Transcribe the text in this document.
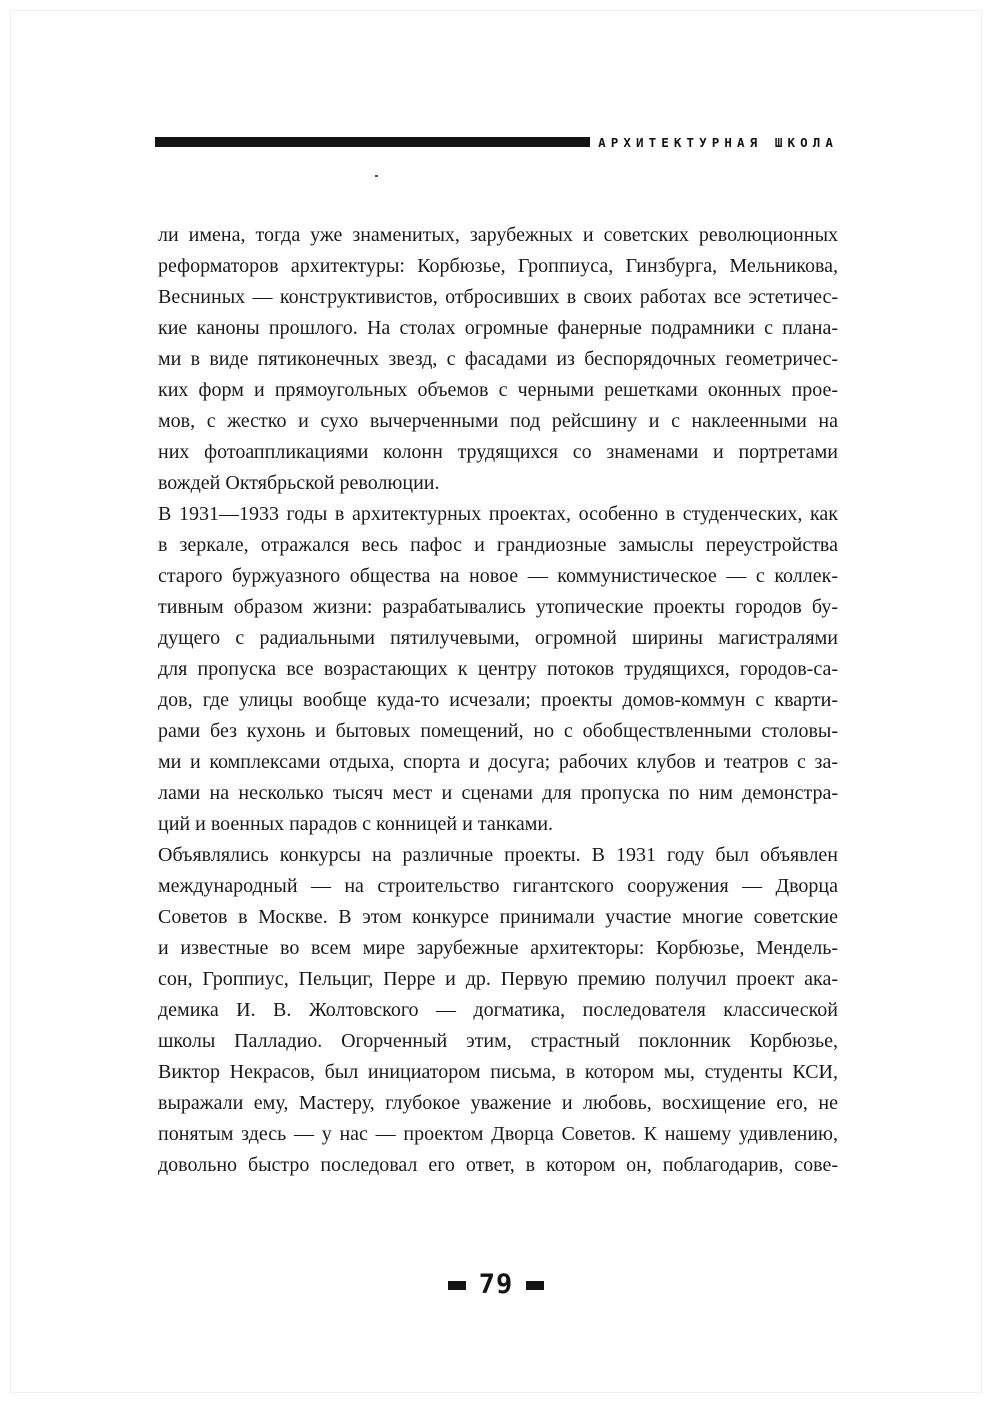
АРХИТЕКТУРНАЯ ШКОЛА
ли имена, тогда уже знаменитых, зарубежных и советских революционных
реформаторов архитектуры: Корбюзье, Гроппиуса, Гинзбурга, Мельникова,
Весниных — конструктивистов, отбросивших в своих работах все эстетичес-
кие каноны прошлого. На столах огромные фанерные подрамники с плана-
ми в виде пятиконечных звезд, с фасадами из беспорядочных геометричес-
ких форм и прямоугольных объемов с черными решетками оконных прое-
мов, с жестко и сухо вычерченными под рейсшину и с наклеенными на
них фотоаппликациями колонн трудящихся со знаменами и портретами
вождей Октябрьской революции.
В 1931—1933 годы в архитектурных проектах, особенно в студенческих, как
в зеркале, отражался весь пафос и грандиозные замыслы переустройства
старого буржуазного общества на новое — коммунистическое — с коллек-
тивным образом жизни: разрабатывались утопические проекты городов бу-
дущего с радиальными пятилучевыми, огромной ширины магистралями
для пропуска все возрастающих к центру потоков трудящихся, городов-са-
дов, где улицы вообще куда-то исчезали; проекты домов-коммун с кварти-
рами без кухонь и бытовых помещений, но с обобществленными столовы-
ми и комплексами отдыха, спорта и досуга; рабочих клубов и театров с за-
лами на несколько тысяч мест и сценами для пропуска по ним демонстра-
ций и военных парадов с конницей и танками.
Объявлялись конкурсы на различные проекты. В 1931 году был объявлен
международный — на строительство гигантского сооружения — Дворца
Советов в Москве. В этом конкурсе принимали участие многие советские
и известные во всем мире зарубежные архитекторы: Корбюзье, Мендель-
сон, Гроппиус, Пельциг, Перре и др. Первую премию получил проект ака-
демика И. В. Жолтовского — догматика, последователя классической
школы Палладио. Огорченный этим, страстный поклонник Корбюзье,
Виктор Некрасов, был инициатором письма, в котором мы, студенты КСИ,
выражали ему, Мастеру, глубокое уважение и любовь, восхищение его, не
понятым здесь — у нас — проектом Дворца Советов. К нашему удивлению,
довольно быстро последовал его ответ, в котором он, поблагодарив, сове-
79
